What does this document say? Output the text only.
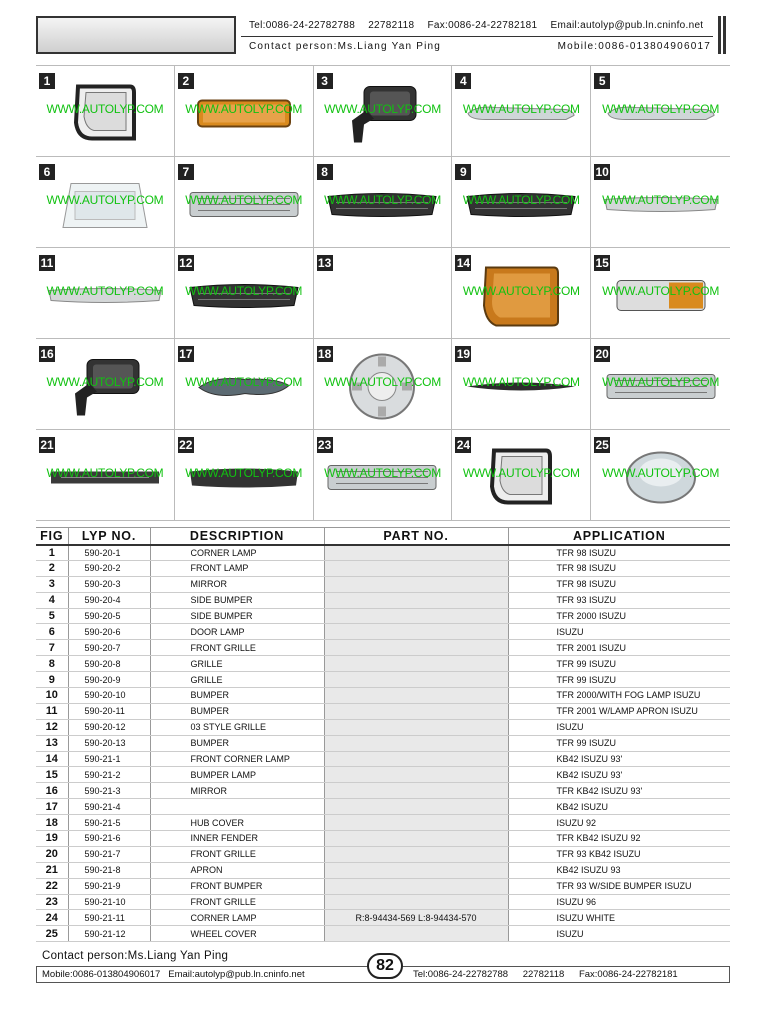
Tel:0086-24-22782788 22782118 Fax:0086-24-22782181 Email:autolyp@pub.ln.cninfo.net
Contact person:Ms.Liang Yan Ping	Mobile:0086-013804906017
1
WWW.AUTOLYP.COM
2
WWW.AUTOLYP.COM
3
WWW.AUTOLYP.COM
4
WWW.AUTOLYP.COM
5
WWW.AUTOLYP.COM
6
WWW.AUTOLYP.COM
7
WWW.AUTOLYP.COM
8
WWW.AUTOLYP.COM
9
WWW.AUTOLYP.COM
10
WWW.AUTOLYP.COM
11
WWW.AUTOLYP.COM
12
WWW.AUTOLYP.COM
13	14
WWW.AUTOLYP.COM
15
WWW.AUTOLYP.COM
16
WWW.AUTOLYP.COM
17
WWW.AUTOLYP.COM
18
WWW.AUTOLYP.COM
19
WWW.AUTOLYP.COM
20
WWW.AUTOLYP.COM
21
WWW.AUTOLYP.COM
22
WWW.AUTOLYP.COM
23
WWW.AUTOLYP.COM
24
WWW.AUTOLYP.COM
25
WWW.AUTOLYP.COM
FIG	LYP NO.	DESCRIPTION	PART NO.	APPLICATION
1	590-20-1	CORNER LAMP		TFR 98 ISUZU
2	590-20-2	FRONT LAMP		TFR 98 ISUZU
3	590-20-3	MIRROR		TFR 98 ISUZU
4	590-20-4	SIDE BUMPER		TFR 93 ISUZU
5	590-20-5	SIDE BUMPER		TFR 2000 ISUZU
6	590-20-6	DOOR LAMP		ISUZU
7	590-20-7	FRONT GRILLE		TFR 2001 ISUZU
8	590-20-8	GRILLE		TFR 99 ISUZU
9	590-20-9	GRILLE		TFR 99 ISUZU
10	590-20-10	BUMPER		TFR 2000/WITH FOG LAMP ISUZU
11	590-20-11	BUMPER		TFR 2001 W/LAMP APRON ISUZU
12	590-20-12	03 STYLE GRILLE		ISUZU
13	590-20-13	BUMPER		TFR 99 ISUZU
14	590-21-1	FRONT CORNER LAMP		KB42 ISUZU 93'
15	590-21-2	BUMPER LAMP		KB42 ISUZU 93'
16	590-21-3	MIRROR		TFR KB42 ISUZU 93'
17	590-21-4			KB42 ISUZU
18	590-21-5	HUB COVER		ISUZU 92
19	590-21-6	INNER FENDER		TFR KB42 ISUZU 92
20	590-21-7	FRONT GRILLE		TFR 93 KB42 ISUZU
21	590-21-8	APRON		KB42 ISUZU 93
22	590-21-9	FRONT BUMPER		TFR 93 W/SIDE BUMPER ISUZU
23	590-21-10	FRONT GRILLE		ISUZU 96
24	590-21-11	CORNER LAMP	R:8-94434-569 L:8-94434-570	ISUZU WHITE
25	590-21-12	WHEEL COVER		ISUZU
Contact person:Ms.Liang Yan Ping
Mobile:0086-013804906017 Email:autolyp@pub.ln.cninfo.net	Tel:0086-24-22782788 22782118 Fax:0086-24-22782181
82
